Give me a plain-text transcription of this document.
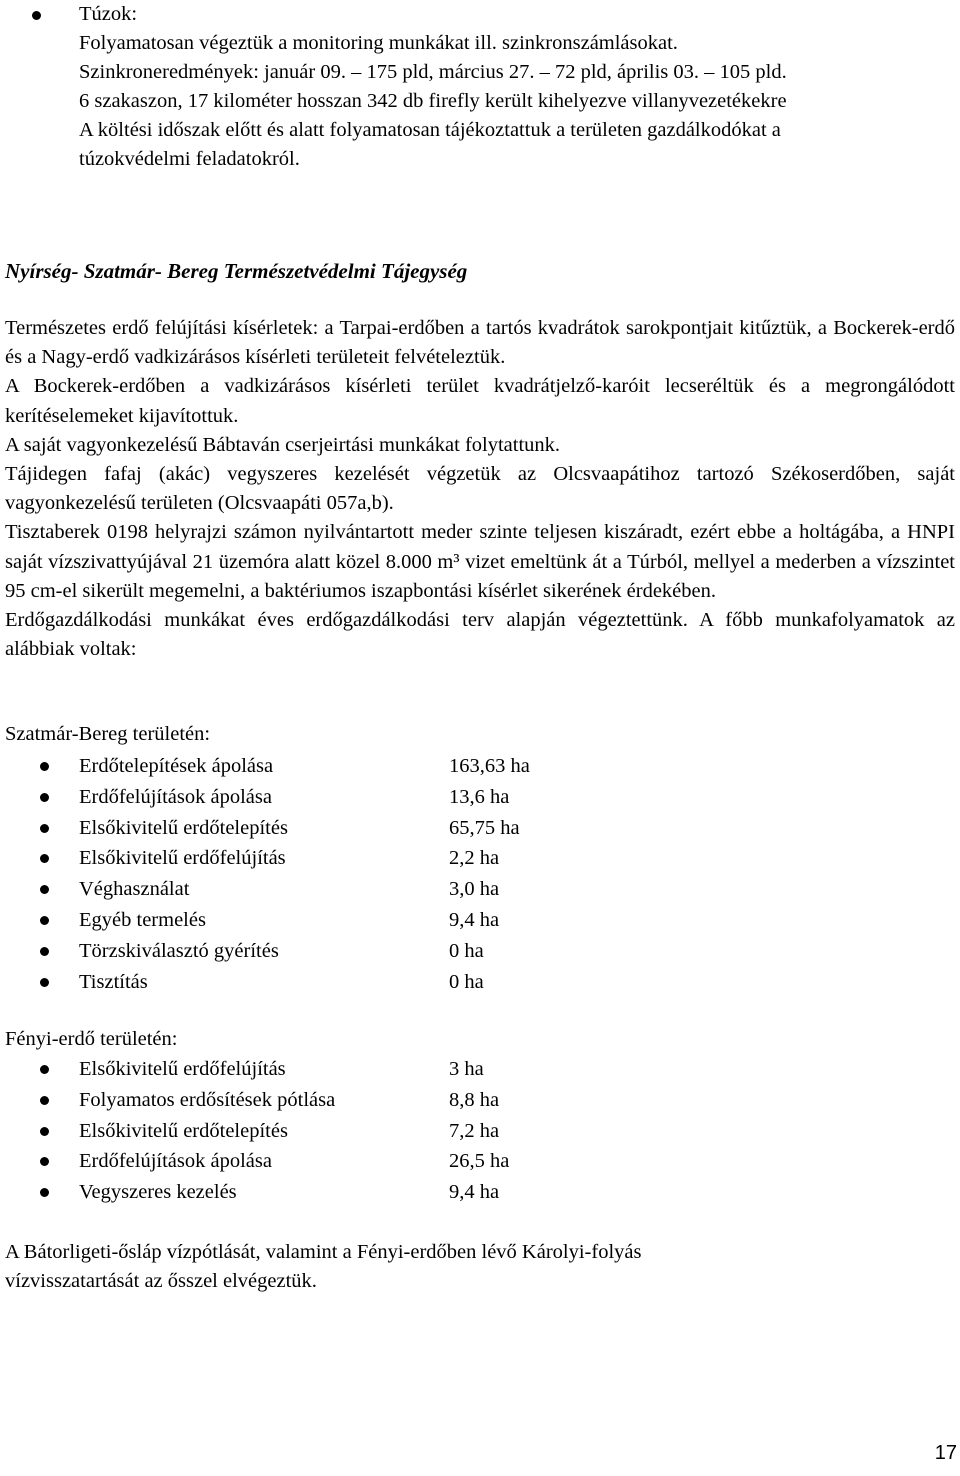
Túzok:
Folyamatosan végeztük a monitoring munkákat ill. szinkronszámlásokat.
Szinkroneredmények: január 09. – 175 pld, március 27. – 72 pld, április 03. – 105 pld.
6 szakaszon, 17 kilométer hosszan 342 db firefly került kihelyezve villanyvezetékekre
A költési időszak előtt és alatt folyamatosan tájékoztattuk a területen gazdálkodókat a
túzokvédelmi feladatokról.
Nyírség- Szatmár- Bereg Természetvédelmi Tájegység

Természetes erdő felújítási kísérletek: a Tarpai-erdőben a tartós kvadrátok sarokpontjait kitűztük, a Bockerek-erdő és a Nagy-erdő vadkizárásos kísérleti területeit felvételeztük.

A Bockerek-erdőben a vadkizárásos kísérleti terület kvadrátjelző-karóit lecseréltük és a megrongálódott kerítéselemeket kijavítottuk.

A saját vagyonkezelésű Bábtaván cserjeirtási munkákat folytattunk.

Tájidegen fafaj (akác) vegyszeres kezelését végzetük az Olcsvaapátihoz tartozó Székoserdőben, saját vagyonkezelésű területen (Olcsvaapáti 057a,b).

Tisztaberek 0198 helyrajzi számon nyilvántartott meder szinte teljesen kiszáradt, ezért ebbe a holtágába, a HNPI saját vízszivattyújával 21 üzemóra alatt közel 8.000 m³ vizet emeltünk át a Túrból, mellyel a mederben a vízszintet 95 cm-el sikerült megemelni, a baktériumos iszapbontási kísérlet sikerének érdekében.

Erdőgazdálkodási munkákat éves erdőgazdálkodási terv alapján végeztettünk. A főbb munkafolyamatok az alábbiak voltak:

Szatmár-Bereg területén:
Erdőtelepítések ápolása	163,63 ha
Erdőfelújítások ápolása	13,6 ha
Elsőkivitelű erdőtelepítés	65,75 ha
Elsőkivitelű erdőfelújítás	2,2 ha
Véghasználat	3,0 ha
Egyéb termelés	9,4 ha
Törzskiválasztó gyérítés	0 ha
Tisztítás	0 ha
Fényi-erdő területén:
Elsőkivitelű erdőfelújítás	3 ha
Folyamatos erdősítések pótlása	8,8 ha
Elsőkivitelű erdőtelepítés	7,2 ha
Erdőfelújítások ápolása	26,5 ha
Vegyszeres kezelés	9,4 ha
A Bátorligeti-ősláp vízpótlását, valamint a Fényi-erdőben lévő Károlyi-folyás
vízvisszatartását az ősszel elvégeztük.
17
